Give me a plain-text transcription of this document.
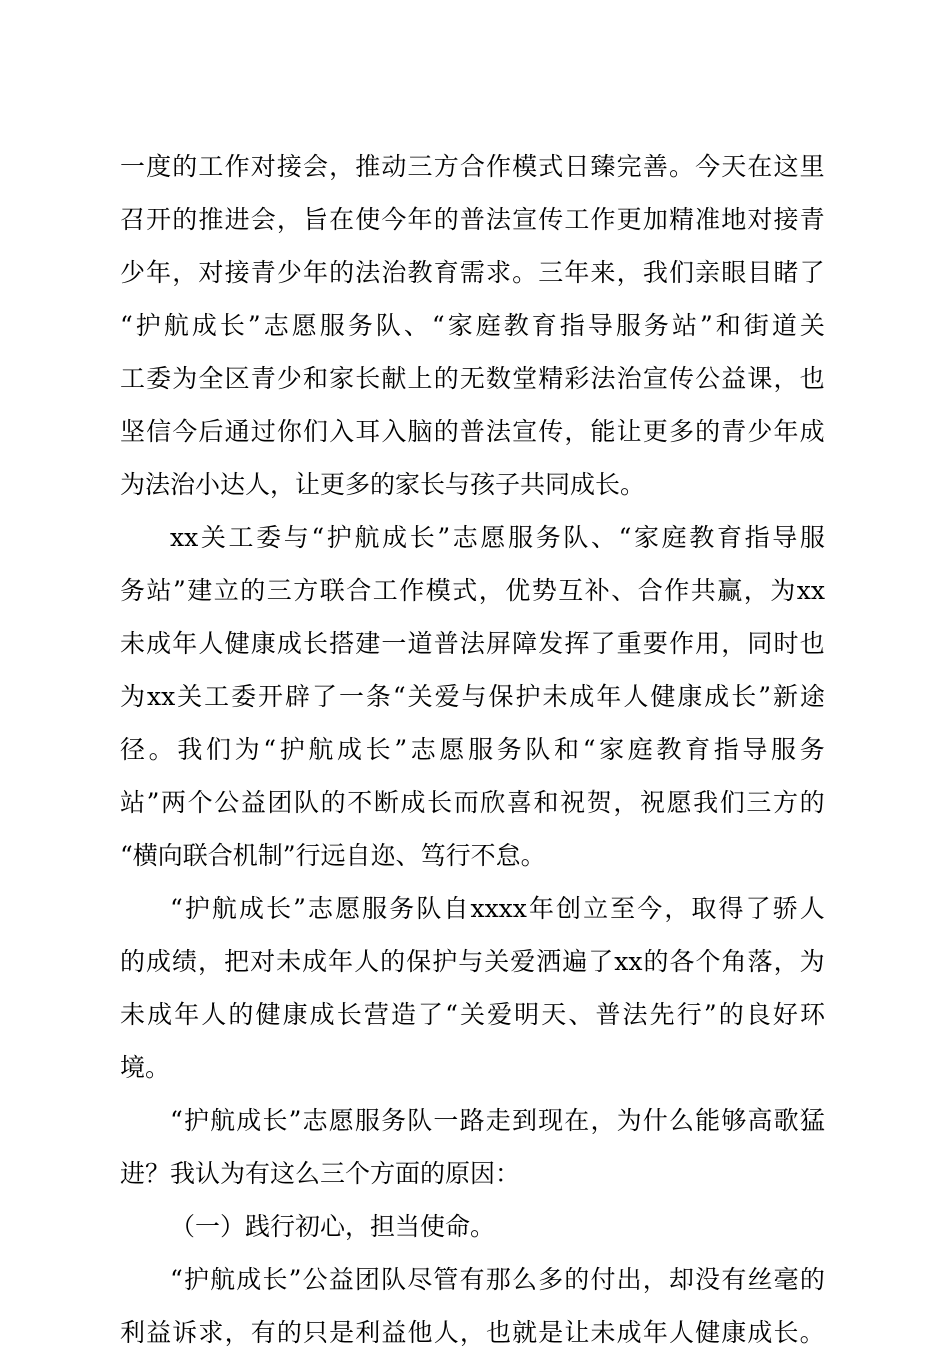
一 度 的 工 作 对 接 会 ， 推 动 三 方 合 作 模 式 日 臻 完 善 。 今 天 在 这 里
召 开 的 推 进 会 ， 旨 在 使 今 年 的 普 法 宣 传 工 作 更 加 精 准 地 对 接 青
少 年 ， 对 接 青 少 年 的 法 治 教 育 需 求 。 三 年 来 ， 我 们 亲 眼 目 睹 了
“ 护 航 成 长 ” 志 愿 服 务 队 、 “ 家 庭 教 育 指 导 服 务 站 ” 和 街 道 关
工 委 为 全 区 青 少 和 家 长 献 上 的 无 数 堂 精 彩 法 治 宣 传 公 益 课 ， 也
坚 信 今 后 通 过 你 们 入 耳 入 脑 的 普 法 宣 传 ， 能 让 更 多 的 青 少 年 成
为法治小达人，让更多的家长与孩子共同成长。
xx 关 工 委 与 “ 护 航 成 长 ” 志 愿 服 务 队 、 “ 家 庭 教 育 指 导 服
务 站 ” 建 立 的 三 方 联 合 工 作 模 式 ， 优 势 互 补 、 合 作 共 赢 ， 为 xx
未 成 年 人 健 康 成 长 搭 建 一 道 普 法 屏 障 发 挥 了 重 要 作 用 ， 同 时 也
为 xx 关 工 委 开 辟 了 一 条 “ 关 爱 与 保 护 未 成 年 人 健 康 成 长 ” 新 途
径 。 我 们 为 “ 护 航 成 长 ” 志 愿 服 务 队 和 “ 家 庭 教 育 指 导 服 务
站 ” 两 个 公 益 团 队 的 不 断 成 长 而 欣 喜 和 祝 贺 ， 祝 愿 我 们 三 方 的
“横向联合机制”行远自迩、笃行不怠。
“ 护 航 成 长 ” 志 愿 服 务 队 自 xxxx 年 创 立 至 今 ， 取 得 了 骄 人
的 成 绩 ， 把 对 未 成 年 人 的 保 护 与 关 爱 洒 遍 了 xx 的 各 个 角 落 ， 为
未 成 年 人 的 健 康 成 长 营 造 了 “ 关 爱 明 天 、 普 法 先 行 ” 的 良 好 环
境。
“ 护 航 成 长 ” 志 愿 服 务 队 一 路 走 到 现 在 ， 为 什 么 能 够 高 歌 猛
进？我认为有这么三个方面的原因：
（一）践行初心，担当使命。
“ 护 航 成 长 ” 公 益 团 队 尽 管 有 那 么 多 的 付 出 ， 却 没 有 丝 毫 的
利 益 诉 求 ， 有 的 只 是 利 益 他 人 ， 也 就 是 让 未 成 年 人 健 康 成 长 。
